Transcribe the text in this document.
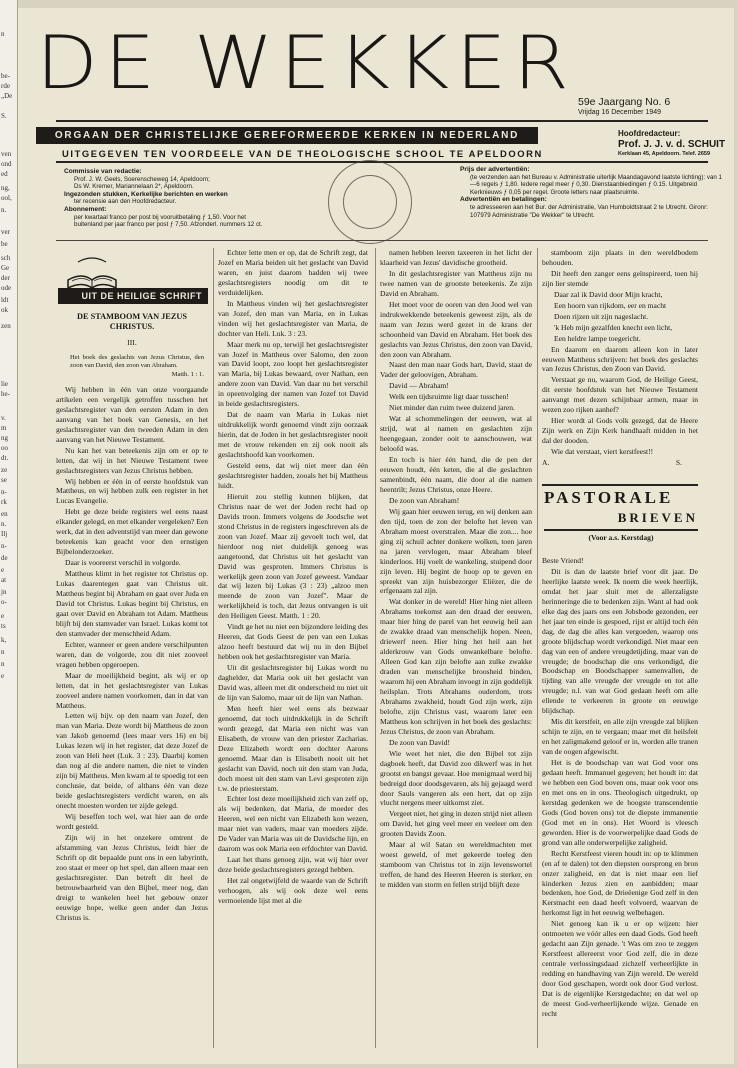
n
be-
rde
„De
S.
ven
ond
ed
ng,
ool,
n.
ver
be
sch
Ge
der
ode
ldt
ok
zen
lie
he-
v.
m
ng
oo
dt.
ze
se
n-
rk
en
n.
Ilj
n-
de
e
at
jn
o-
e
ts
k,
n
n
e
DE WEKKER 59e Jaargang No. 6
Vrijdag 16 December 1949
ORGAAN DER CHRISTELIJKE GEREFORMEERDE KERKEN IN NEDERLAND
UITGEGEVEN TEN VOORDEELE VAN DE THEOLOGISCHE SCHOOL TE APELDOORN
Hoofdredacteur:
Prof. J. J. v. d. SCHUIT
Kerklaan 45, Apeldoorn. Telef. 2659
Commissie van redactie:
Prof. J. W. Geels, Soerenscheweg 14, Apeldoorn;
Ds W. Kremer, Mariannelaan 2*, Apeldoorn.
Ingezonden stukken, Kerkelijke berichten en werken
ter recensie aan den Hoofdredacteur.
Abonnement:
per kwartaal franco per post bij vooruitbetaling ƒ 1,50. Voor het
buitenland per jaar franco per post ƒ 7,50. Afzonderl. nummers 12 ct.
Prijs der advertentiën:
(te verzenden aan het Bureau v. Administratie uiterlijk Maandagavond laatste lichting): van 1—6 regels ƒ 1,80. Iedere regel meer ƒ 0,30. Dienstaanbiedingen ƒ 0.15. Uitgebreid Kerknieuws ƒ 0,05 per regel. Groote letters naar plaatsruimte.
Advertentiën en betalingen:
te adresseeren aan het Bur. der Administratie, Van Humboldtstraat 2 te Utrecht. Gironr: 107979 Administratie "De Wekker" te Utrecht.
UIT DE HEILIGE SCHRIFT

DE STAMBOOM VAN JEZUS CHRISTUS.

III.

Het boek des geslachts van Jezus Christus, den zoon van David, den zoon van Abraham.

Matth. 1 : 1.

Wij hebben in één van onze voorgaande artikelen een vergelijk getroffen tusschen het geslachtsregister van den eersten Adam in den aanvang van het boek van Genesis, en het geslachtsregister van den tweeden Adam in den aanvang van het Nieuwe Testament.

Nu kan het van beteekenis zijn om er op te letten, dat wij in het Nieuwe Testament twee geslachtsregisters van Jezus Christus hebben.

Wij hebben er één in of eerste hoofdstuk van Mattheus, en wij hebben zulk een register in het Lucas Evangelie.

Hebt ge deze beide registers wel eens naast elkander gelegd, en met elkander vergeleken? Een werk, dat in den adventstijd van meer dan gewone beteekenis kan geacht voor den ernstigen Bijbelonderzoeker.

Daar is vooreerst verschil in volgorde.

Mattheus klimt in het register tot Christus op. Lukas daarentegen gaat van Christus uit. Mattheus begint bij Abraham en gaat over Juda en David tot Christus. Lukas begint bij Christus, en gaat over David en Abraham tot Adam. Mattheus blijft bij den stamvader van Israel. Lukas komt tot den stamvader der menschheid Adam.

Echter, wanneer er geen andere verschilpunten waren, dan de volgorde, zou dit niet zooveel vragen hebben opgeroepen.

Maar de moeilijkheid begint, als wij er op letten, dat in het geslachtsregister van Lukas zooveel andere namen voorkomen, dan in dat van Mattheus.

Letten wij bijv. op den naam van Jozef, den man van Maria. Deze wordt bij Mattheus de zoon van Jakob genoemd (lees maar vers 16) en bij Lukas lezen wij in het register, dat deze Jozef de zoon van Heli heet (Luk. 3 : 23). Daarbij komen dan nog al die andere namen, die niet te vinden zijn bij Mattheus. Men kwam al te spoedig tot een conclusie, dat beide, of althans één van deze beide geslachtsregisters verdicht waren, en als onecht moesten worden ter zijde gelegd.

Wij beseffen toch wel, wat hier aan de orde wordt gesteld.

Zijn wij in het onzekere omtrent de afstamming van Jezus Christus, leidt hier de Schrift op dit bepaalde punt ons in een labyrinth, zoo staat er meer op het spel, dan alleen maar een geslachtsregister. Dan betreft dit heel de betrouwbaarheid van den Bijbel, meer nog, dan dreigt te wankelen heel het gebouw onzer eeuwige hope, welke geen ander dan Jezus Christus is.

Echter lette men er op, dat de Schrift zegt, dat Jozef en Maria beiden uit het geslacht van David waren, en juist daarom hadden wij twee geslachtsregisters noodig om dit te verduidelijken.

In Mattheus vinden wij het geslachtsregister van Jozef, den man van Maria, en in Lukas vinden wij het geslachtsregister van Maria, de dochter van Heli. Luk. 3 : 23.

Maar merk nu op, terwijl het geslachtsregister van Jozef in Mattheus over Salomo, den zoon van David loopt, zoo loopt het geslachtsregister van Maria, bij Lukas bewaard, over Nathan, een andere zoon van David. Van daar nu het verschil in opeenvolging der namen van Jozef tot David in beide geslachtsregisters.

Dat de naam van Maria in Lukas niet uitdrukkelijk wordt genoemd vindt zijn oorzaak hierin, dat de Joden in het geslachtsregister nooit met de vrouw rekenden en zij ook nooit als geslachtshoofd kan voorkomen.

Gesteld eens, dat wij niet meer dan één geslachtsregister hadden, zooals het bij Mattheus luidt.

Hieruit zou stellig kunnen blijken, dat Christus naar de wet der Joden recht had op Davids troon. Immers volgens de Joodsche wet stond Christus in de registers ingeschreven als de zoon van Jozef. Maar zij gevoelt toch wel, dat hierdoor nog niet duidelijk genoeg was aangetoond, dat Christus uit het geslacht van David was gesproten. Immers Christus is werkelijk geen zoon van Jozef geweest. Vandaar dat wij lezen bij Lukas (3 : 23) „alzoo men meende de zoon van Jozef". Maar de werkelijkheid is toch, dat Jezus ontvangen is uit den Heiligen Geest. Matth. 1 : 20.

Vindt ge het nu niet een bijzondere leiding des Heeren, dat Gods Geest de pen van een Lukas alzoo heeft bestuurd dat wij nu in den Bijbel hebben ook het geslachtsregister van Maria.

Uit dit geslachtsregister bij Lukas wordt nu daghelder, dat Maria ook uit het geslacht van David was, alleen met dit onderscheid nu niet uit de lijn van Salomo, maar uit de lijn van Nathan.

Men heeft hier wel eens als bezwaar genoemd, dat toch uitdrukkelijk in de Schrift wordt gezegd, dat Maria een nicht was van Elisabeth, de vrouw van den priester Zacharias. Deze Elizabeth wordt een dochter Aarons genoemd. Maar dan is Elisabeth nooit uit het geslacht van David, noch uit den stam van Juda, doch moest uit den stam van Levi gesproten zijn t.w. de priesterstam.

Echter lost deze moeilijkheid zich van zelf op, als wij bedenken, dat Maria, de moeder des Heeren, wel een nicht van Elizabeth kon wezen, maar niet van vaders, maar van moeders zijde. De Vader van Maria was uit de Davidsche lijn, en daarom was ook Maria een erfdochter van David.

Laat het thans genoeg zijn, wat wij hier over deze beide geslachtsregisters gezegd hebben.

Het zal ongetwijfeld de waarde van de Schrift verhoogen, als wij ook deze wel eens vermoeiende lijst met al die

namen hebben leeren taxeeren in het licht der klaarheid van Jezus' davidische grootheid.

In dit geslachtsregister van Mattheus zijn nu twee namen van de grootste beteekenis. Ze zijn David en Abraham.

Het moet voor de ooren van den Jood wel van indrukwekkende beteekenis geweest zijn, als de naam van Jezus werd gezet in de krans der schoonheid van David en Abraham. Het boek des geslachts van Jezus Christus, den zoon van David, den zoon van Abraham.

Naast den man naar Gods hart, David, staat de Vader der geloovigen, Abraham.

David — Abraham!

Welk een tijdsruimte ligt daar tusschen!

Niet minder dan ruim twee duizend jaren.

Wat al schommelingen der eeuwen, wat al strijd, wat al namen en geslachten zijn heengegaan, zonder ooit te aanschouwen, wat beloofd was.

En toch is hier één hand, die de pen der eeuwen houdt, één keten, die al die geslachten samenbindt, één naam, die door al die namen heentrilt; Jezus Christus, onze Heere.

De zoon van Abraham!

Wij gaan hier eeuwen terug, en wij denken aan den tijd, toen de zon der belofte het leven van Abraham moest overstralen. Maar die zon.... hoe ging zij schuil achter donkere wolken, toen jaren na jaren vervlogen, maar Abraham bleef kinderloos. Hij voelt de wankeling, stuipend door zijn leven. Hij begint de hoop op te geven en spreekt van zijn huisbezorger Eliëzer, die de erfgenaam zal zijn.

Wat donker in de wereld! Hier hing niet alleen Abrahams toekomst aan den draad der eeuwen, maar hier hing de parel van het eeuwig heil aan de zwakke draad van menschelijk hopen. Neen, driewerf neen. Hier hing het heil aan het alderkrouw van Gods onwankelbare belofte. Alleen God kan zijn belofte aan zulke zwakke draden van menschelijke broosheid binden, waarom hij een Abraham invoegt in zijn goddelijk heilsplan. Trots Abrahams ouderdom, trots Abrahams zwakheid, houdt God zijn werk, zijn belofte, zijn Christus vast, waarom later een Mattheus kon schrijven in het boek des geslachts: Jezus Christus, de zoon van Abraham.

De zoon van David!

Wie weet het niet, die den Bijbel tot zijn dagboek heeft, dat David zoo dikwerf was in het grootst en bangst gevaar. Hoe menigmaal werd hij bedreigd door doodsgevaren, als hij gejaagd werd door Sauls vangeren als een hert, dat op zijn vlucht nergens meer uitkomst ziet.

Vergeet niet, het ging in dezen strijd niet alleen om David, het ging veel meer en veeleer om den grooten Davids Zoon.

Maar al wil Satan en wereldmachten met woest geweld, of met gekeerde toeleg den stamboom van Christus tot in zijn levenswortel treffen, de hand des Heeren Heeren is sterker, en te midden van storm en fellen strijd blijft deze

stamboom zijn plaats in den wereldbodem behouden.

Dit heeft den zanger eens geïnspireerd, toen hij zijn lier stemde

Daar zal ik David door Mijn kracht,

Een hoorn van rijkdom, eer en macht

Doen rijzen uit zijn nageslacht.

'k Heb mijn gezalfden knecht een licht,

Een heldre lampe toegericht.

En daarom en daarom alleen kon in later eeuwen Mattheus schrijven: het boek des geslachts van Jezus Christus, den Zoon van David.

Verstaat ge nu, waarom God, de Heilige Geest, dit eerste hoofdstuk van het Nieuwe Testament aanvangt met dezen schijnbaar armen, maar in wezen zoo rijken aanhef?

Hier wordt al Gods volk gezegd, dat de Heere Zijn werk en Zijn Kerk handhaaft midden in het dal der dooden.

Wie dat verstaat, viert kerstfeest!!

A.	S.

PASTORALE
BRIEVEN
(Voor a.s. Kerstdag)

Beste Vriend!

Dit is dan de laatste brief voor dit jaar. De heerlijke laatste week. Ik noem die week heerlijk, omdat het jaar sluit met de allerzaligste herinneringe die te bedenken zijn. Want al had ook elke dag des jaars ons een Jobsbode gezonden, eer het jaar ten einde is gespoed, rijst er altijd toch één dag, de dag die alles kan vergoeden, waarop ons groote blijdschap wordt verkondigd. Niet maar een dag van een of andere vreugdetijding, maar van de vreugde; de boodschap die ons verkondigd, die Boodschap en Boodschapper samenvallen, de tijding van alle vreugde der vreugde en tot alle vreugde; n.l. van wat God gedaan heeft om alle ellende te verkeeren in groote en eeuwige blijdschap.

Mis dit kerstfeit, en alle zijn vreugde zal blijken schijn te zijn, en te vergaan; maar met dit heilsfeit en het zaligmakend geloof er in, worden alle tranen van de oogen afgewischt.

Het is de boodschap van wat God voor ons gedaan heeft. Immanuel gegeven; het houdt in: dat we hebben een God boven ons, maar ook voor ons en met ons en in ons. Theologisch uitgedrukt, op kerstdag gedenken we de hoogste transcendentie Gods (God boven ons) tot de diepste immanentie (God met en in ons). Het Woord is vleesch geworden. Hier is de voorwerpelijke daad Gods de grond van alle onderwerpelijke zaligheid.

Recht Kerstfeest vieren houdt in: op te klimmen (en af te dalen) tot den diepsten oorsprong en bron onzer zaligheid, en dat is niet maar een lief kinderken Jezus zien en aanbidden; maar bedenken, hoe God, de Drieëenige God zelf in den Kerstnacht een daad heeft volvoerd, waarvan de herkomst ligt in het eeuwig welbehagen.

Niet genoeg kan ik u er op wijzen: hier ontmoeten we vóór alles een daad Gods. God heeft gedacht aan Zijn genade. 't Was om zoo te zeggen Kerstfeest allereerst voor God zelf, die in deze centrale verlossingsdaad zichzelf verheerlijkte in redding en handhaving van Zijn wereld. De wereld door God geschapen, wordt ook door God verlost. Dat is de eigenlijke Kerstgedachte; en dat wel op de meest God-verheerlijkende wijze. Genade en recht
